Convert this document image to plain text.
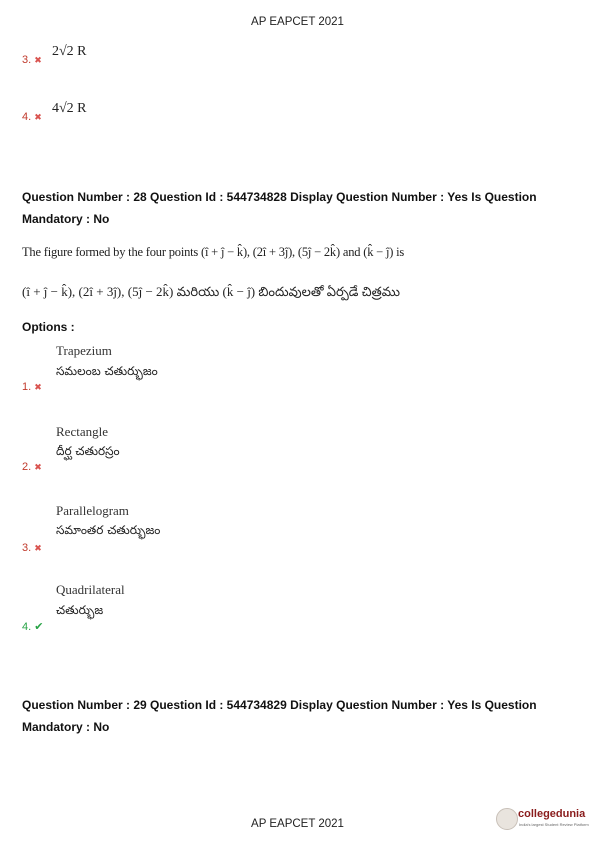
AP EAPCET 2021
3. ✖
2√2 R
4. ✖
4√2 R
Question Number : 28 Question Id : 544734828 Display Question Number : Yes Is Question
Mandatory : No
The figure formed by the four points (î + ĵ − k̂), (2î + 3ĵ), (5ĵ − 2k̂) and (k̂ − ĵ) is
(î + ĵ − k̂), (2î + 3ĵ), (5ĵ − 2k̂) మరియు (k̂ − ĵ) బిందువులతో ఏర్పడే చిత్రము
Options :
Trapezium
సమలంబ చతుర్భుజం
1. ✖
Rectangle
దీర్ఘ చతురస్రం
2. ✖
Parallelogram
సమాంతర చతుర్భుజం
3. ✖
Quadrilateral
చతుర్భుజ
4. ✔
Question Number : 29 Question Id : 544734829 Display Question Number : Yes Is Question
Mandatory : No
AP EAPCET 2021
collegedunia
India's largest Student Review Platform
